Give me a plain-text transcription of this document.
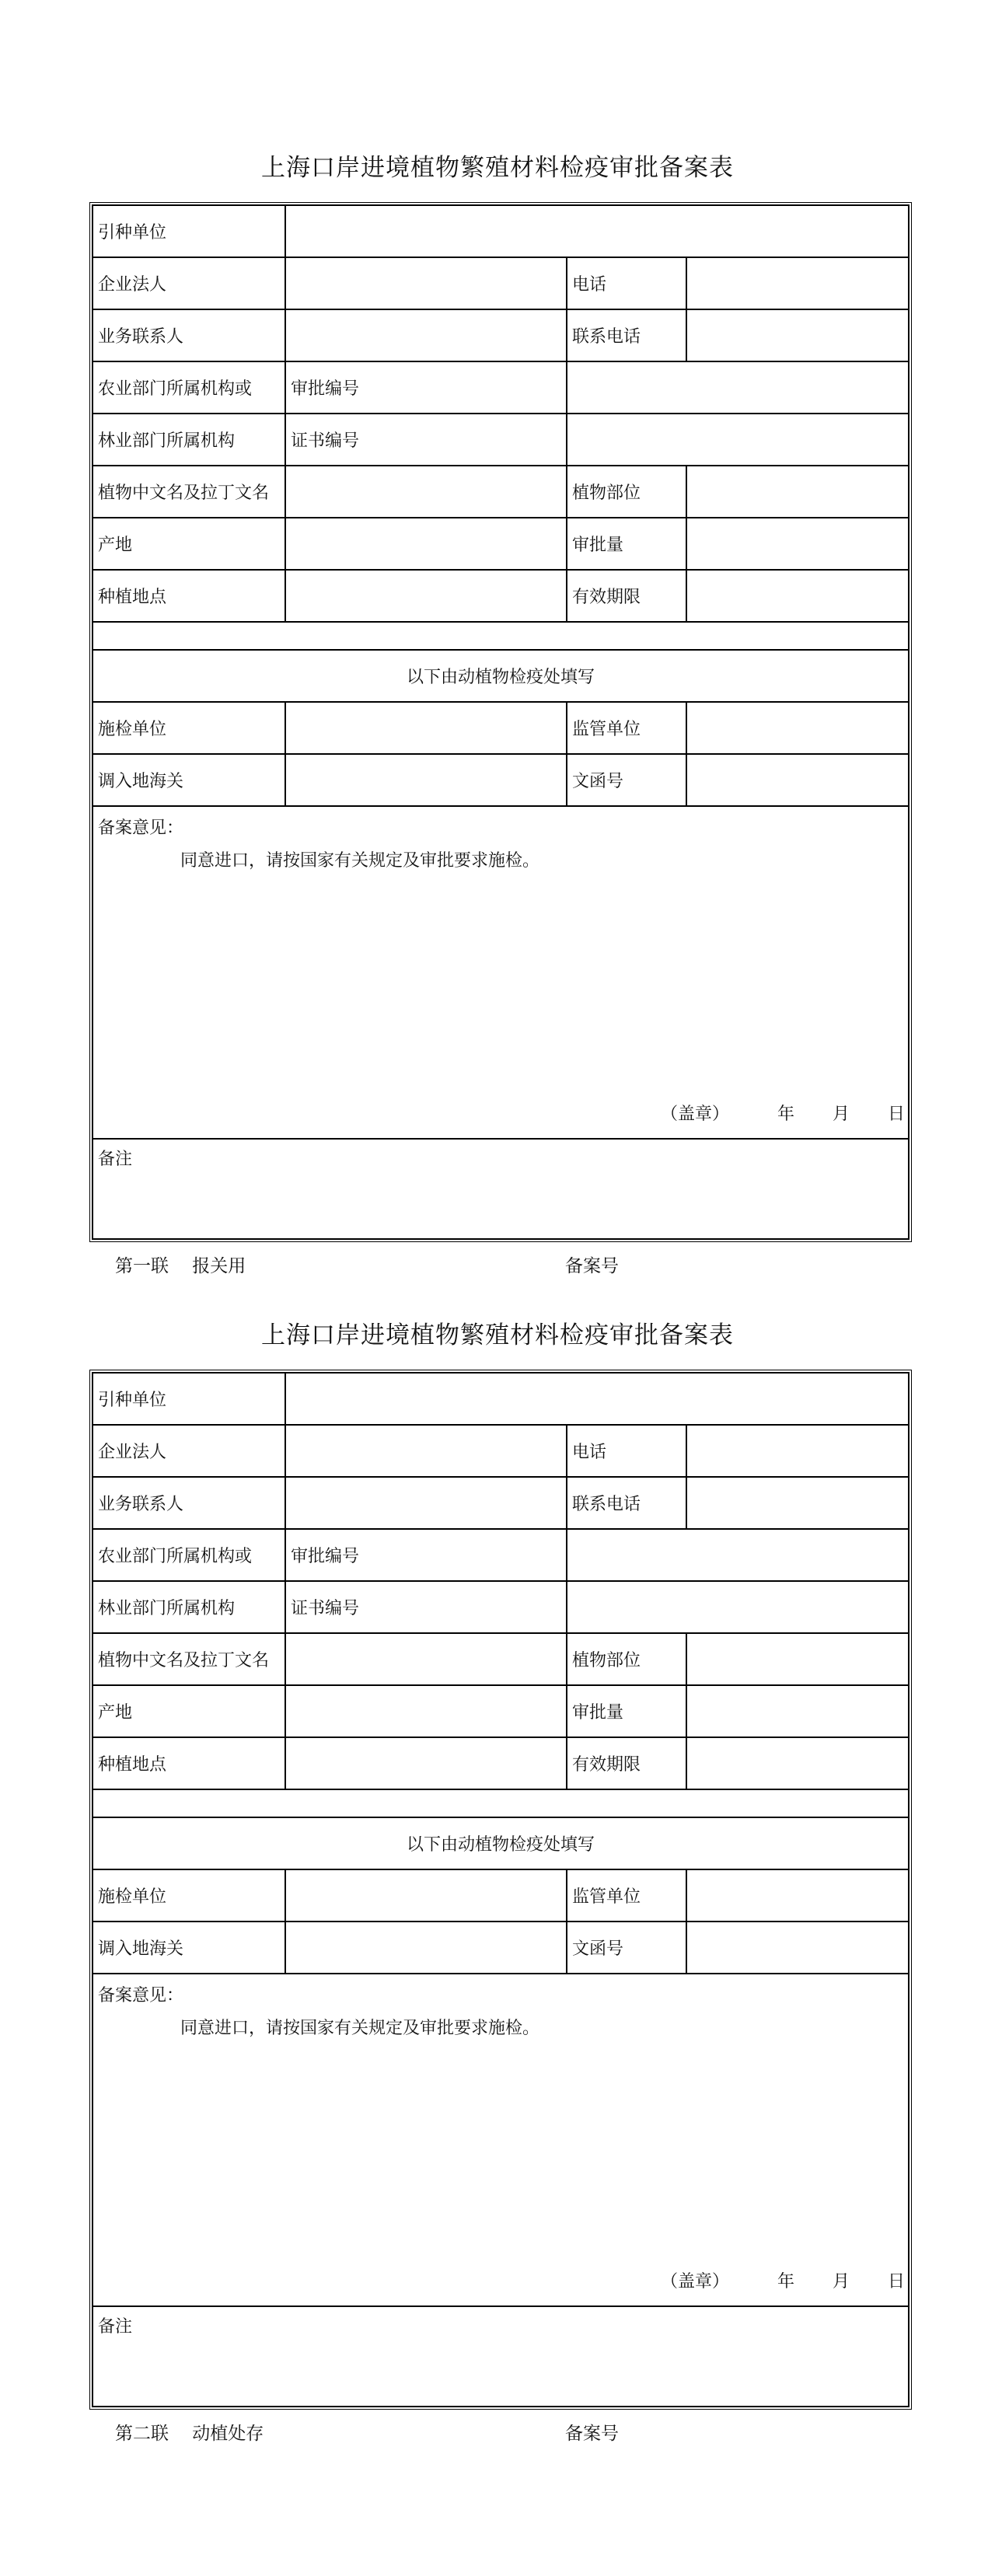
上海口岸进境植物繁殖材料检疫审批备案表
引种单位
企业法人	电话
业务联系人	联系电话
农业部门所属机构或	审批编号
林业部门所属机构	证书编号
植物中文名及拉丁文名	植物部位
产地	审批量
种植地点	有效期限
以下由动植物检疫处填写
施检单位	监管单位
调入地海关	文函号
备案意见：
同意进口，请按国家有关规定及审批要求施检。
（盖章）	年 月 日
备注
第一联　 报关用	备案号
上海口岸进境植物繁殖材料检疫审批备案表
引种单位
企业法人	电话
业务联系人	联系电话
农业部门所属机构或	审批编号
林业部门所属机构	证书编号
植物中文名及拉丁文名	植物部位
产地	审批量
种植地点	有效期限
以下由动植物检疫处填写
施检单位	监管单位
调入地海关	文函号
备案意见：
同意进口，请按国家有关规定及审批要求施检。
（盖章）	年 月 日
备注
第二联　 动植处存	备案号
